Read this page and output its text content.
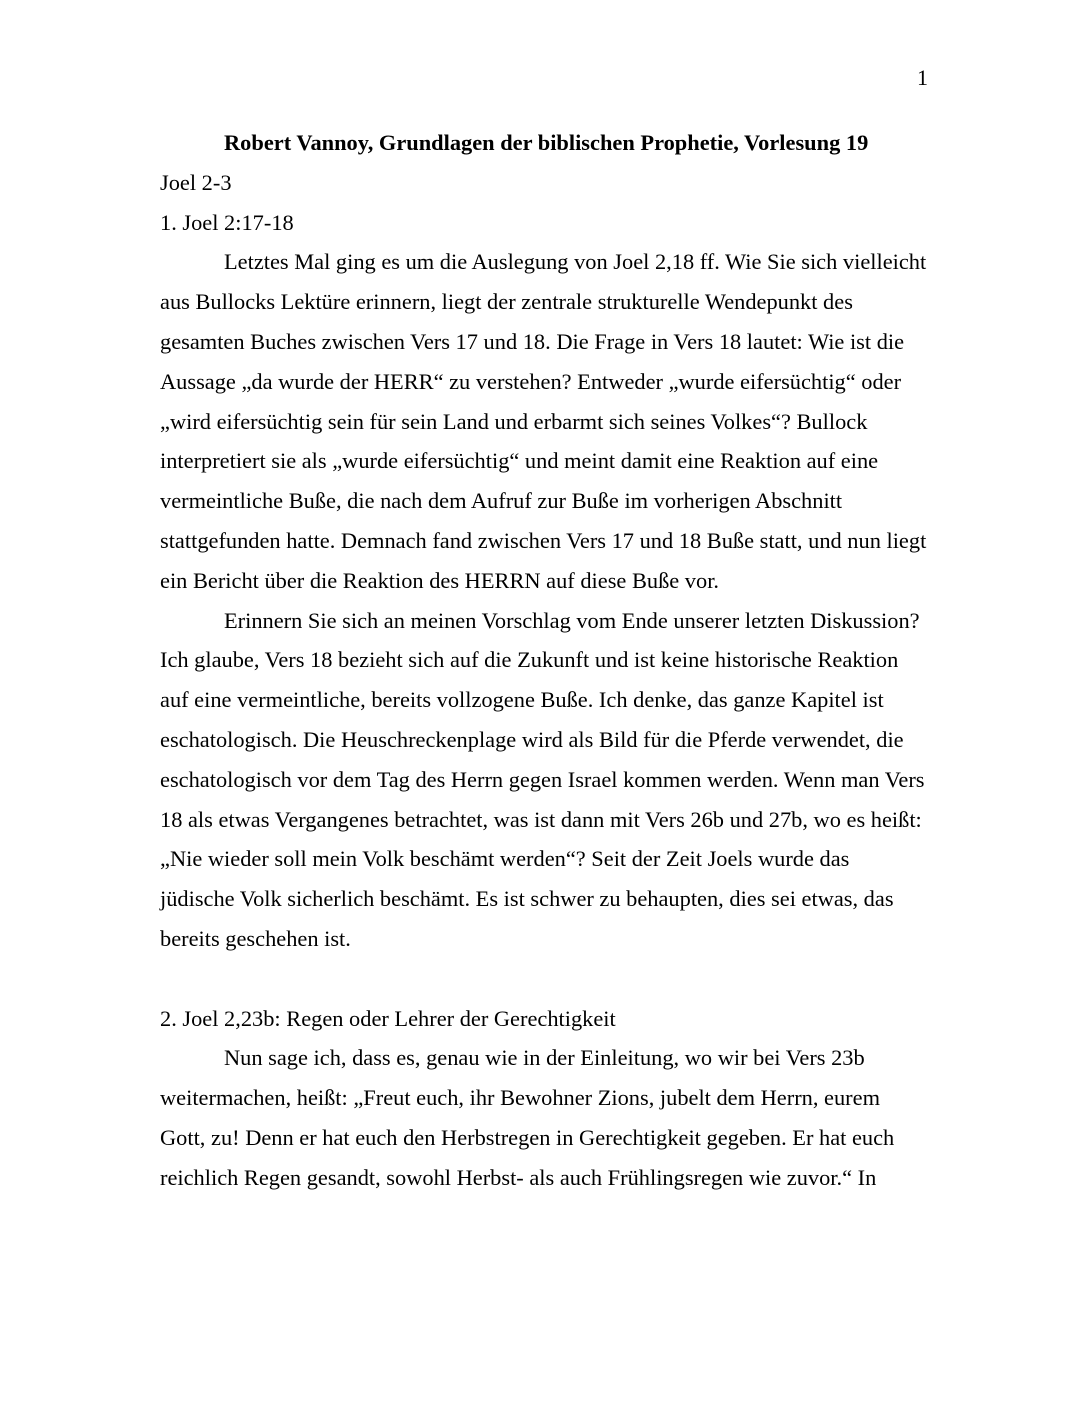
1

Robert Vannoy, Grundlagen der biblischen Prophetie, Vorlesung 19

Joel 2-3

1. Joel 2:17-18

Letztes Mal ging es um die Auslegung von Joel 2,18 ff. Wie Sie sich vielleicht aus Bullocks Lektüre erinnern, liegt der zentrale strukturelle Wendepunkt des gesamten Buches zwischen Vers 17 und 18. Die Frage in Vers 18 lautet: Wie ist die Aussage „da wurde der HERR“ zu verstehen? Entweder „wurde eifersüchtig“ oder „wird eifersüchtig sein für sein Land und erbarmt sich seines Volkes“? Bullock interpretiert sie als „wurde eifersüchtig“ und meint damit eine Reaktion auf eine vermeintliche Buße, die nach dem Aufruf zur Buße im vorherigen Abschnitt stattgefunden hatte. Demnach fand zwischen Vers 17 und 18 Buße statt, und nun liegt ein Bericht über die Reaktion des HERRN auf diese Buße vor.

Erinnern Sie sich an meinen Vorschlag vom Ende unserer letzten Diskussion? Ich glaube, Vers 18 bezieht sich auf die Zukunft und ist keine historische Reaktion auf eine vermeintliche, bereits vollzogene Buße. Ich denke, das ganze Kapitel ist eschatologisch. Die Heuschreckenplage wird als Bild für die Pferde verwendet, die eschatologisch vor dem Tag des Herrn gegen Israel kommen werden. Wenn man Vers 18 als etwas Vergangenes betrachtet, was ist dann mit Vers 26b und 27b, wo es heißt: „Nie wieder soll mein Volk beschämt werden“? Seit der Zeit Joels wurde das jüdische Volk sicherlich beschämt. Es ist schwer zu behaupten, dies sei etwas, das bereits geschehen ist.

2. Joel 2,23b: Regen oder Lehrer der Gerechtigkeit

Nun sage ich, dass es, genau wie in der Einleitung, wo wir bei Vers 23b weitermachen, heißt: „Freut euch, ihr Bewohner Zions, jubelt dem Herrn, eurem Gott, zu! Denn er hat euch den Herbstregen in Gerechtigkeit gegeben. Er hat euch reichlich Regen gesandt, sowohl Herbst- als auch Frühlingsregen wie zuvor.“ In
